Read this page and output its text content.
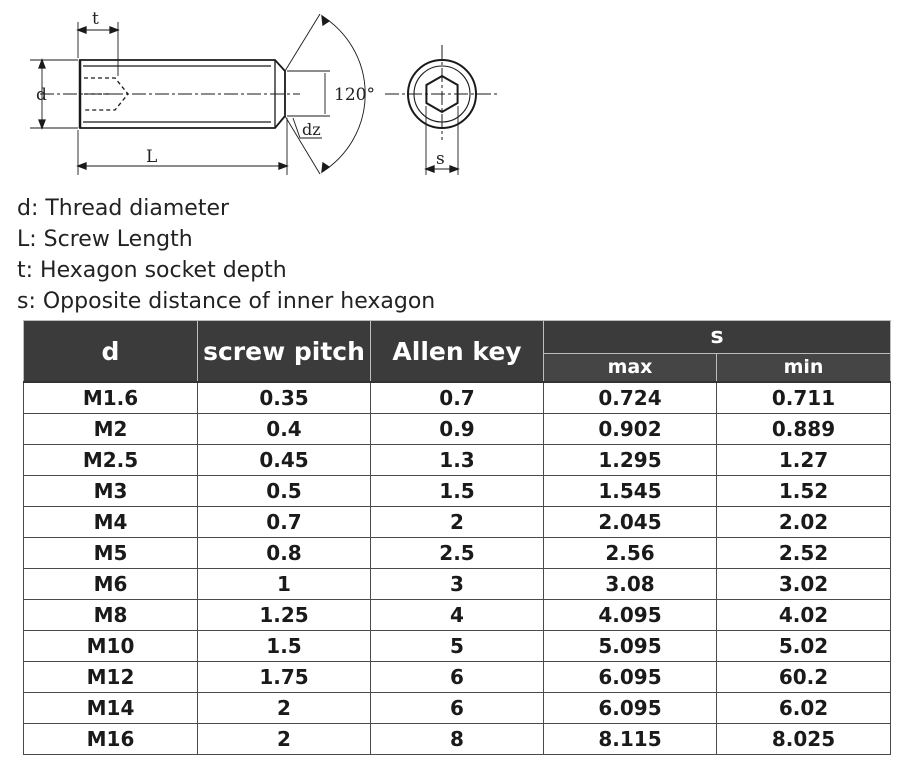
t
d
L
dz
120°
s
d: Thread diameter
L: Screw Length
t: Hexagon socket depth
s: Opposite distance of inner hexagon
d	screw pitch	Allen key	s	
			max	min
M1.6	0.35	0.7	0.724	0.711
M2	0.4	0.9	0.902	0.889
M2.5	0.45	1.3	1.295	1.27
M3	0.5	1.5	1.545	1.52
M4	0.7	2	2.045	2.02
M5	0.8	2.5	2.56	2.52
M6	1	3	3.08	3.02
M8	1.25	4	4.095	4.02
M10	1.5	5	5.095	5.02
M12	1.75	6	6.095	60.2
M14	2	6	6.095	6.02
M16	2	8	8.115	8.025
